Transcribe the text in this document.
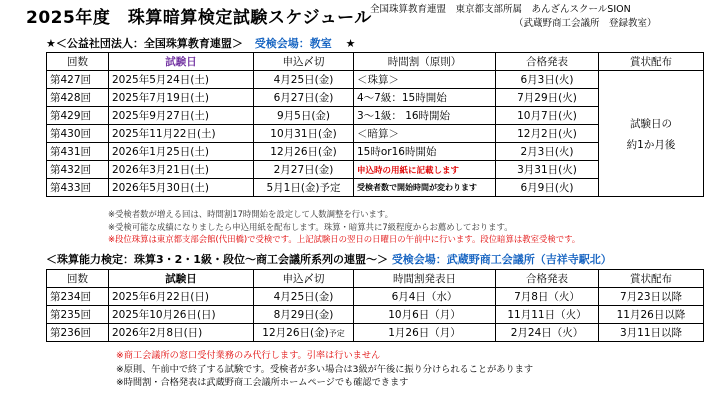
2025年度　珠算暗算検定試験スケジュール
全国珠算教育連盟　東京都支部所属　あんざんスクールSION
（武蔵野商工会議所　登録教室）
★＜公益社団法人：全国珠算教育連盟＞ 受検会場：教室 ★
回数	試験日	申込〆切	時間割（原則）	合格発表	賞状配布
第427回	2025年5月24日(土)	4月25日(金)	＜珠算＞	6月3日(火)	試験日の
約1か月後

第428回	2025年7月19日(土)	6月27日(金)	4～7級：15時開始	7月29日(火)	
第429回	2025年9月27日(土)	9月5日(金)	3～1級： 16時開始	10月7日(火)	
第430回	2025年11月22日(土)	10月31日(金)	＜暗算＞	12月2日(火)	
第431回	2026年1月25日(土)	12月26日(金)	15時or16時開始	2月3日(火)	
第432回	2026年3月21日(土)	2月27日(金)	申込時の用紙に記載します	3月31日(火)	
第433回	2026年5月30日(土)	5月1日(金)予定	受検者数で開始時間が変わります	6月9日(火)	
※受検者数が増える回は、時間割17時開始を設定して人数調整を行います。
※受検可能な成績になりましたら申込用紙を配布します。珠算・暗算共に7級程度からお薦めしております。
※段位珠算は東京都支部会館(代田橋)で受検です。上記試験日の翌日の日曜日の午前中に行います。段位暗算は教室受検です。
＜珠算能力検定：珠算3・2・1級・段位～商工会議所系列の連盟～＞ 受検会場：武蔵野商工会議所（吉祥寺駅北）
回数	試験日	申込〆切	時間割発表日	合格発表	賞状配布
第234回	2025年6月22日(日)	4月25日(金)	6月4日（水）	7月8日（火）	7月23日以降
第235回	2025年10月26日(日)	8月29日(金)	10月6日（月）	11月11日（火）	11月26日以降
第236回	2026年2月8日(日)	12月26日(金)予定	1月26日（月）	2月24日（火）	3月11日以降
※商工会議所の窓口受付業務のみ代行します。引率は行いません
※原則、午前中で終了する試験です。受検者が多い場合は3級が午後に振り分けられることがあります
※時間割・合格発表は武蔵野商工会議所ホームページでも確認できます
